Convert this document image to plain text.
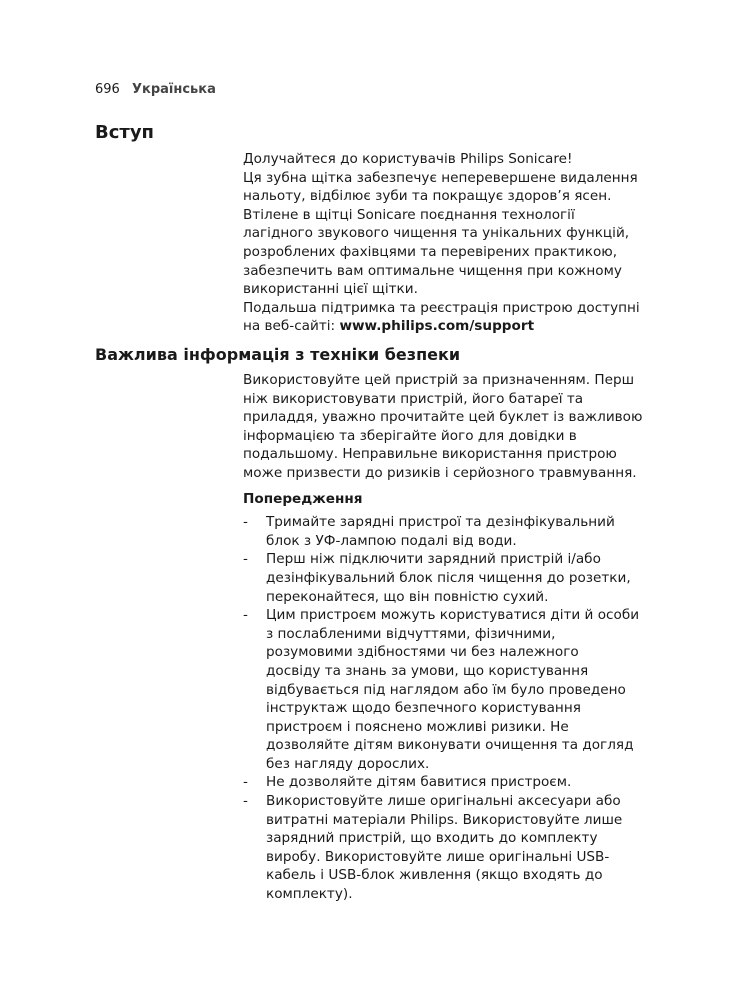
696 Українська
Вступ

Долучайтеся до користувачів Philips Sonicare!
Ця зубна щітка забезпечує неперевершене видалення
нальоту, відбілює зуби та покращує здоров’я ясен.
Втілене в щітці Sonicare поєднання технології
лагідного звукового чищення та унікальних функцій,
розроблених фахівцями та перевірених практикою,
забезпечить вам оптимальне чищення при кожному
використанні цієї щітки.

Подальша підтримка та реєстрація пристрою доступні
на веб-сайті: www.philips.com/support

Важлива інформація з техніки безпеки

Використовуйте цей пристрій за призначенням. Перш
ніж використовувати пристрій, його батареї та
приладдя, уважно прочитайте цей буклет із важливою
інформацією та зберігайте його для довідки в
подальшому. Неправильне використання пристрою
може призвести до ризиків і серйозного травмування.

Попередження
- Тримайте зарядні пристрої та дезінфікувальний
блок з УФ-лампою подалі від води.
- Перш ніж підключити зарядний пристрій і/або
дезінфікувальний блок після чищення до розетки,
переконайтеся, що він повністю сухий.
- Цим пристроєм можуть користуватися діти й особи
з послабленими відчуттями, фізичними,
розумовими здібностями чи без належного
досвіду та знань за умови, що користування
відбувається під наглядом або їм було проведено
інструктаж щодо безпечного користування
пристроєм і пояснено можливі ризики. Не
дозволяйте дітям виконувати очищення та догляд
без нагляду дорослих.
- Не дозволяйте дітям бавитися пристроєм.
- Використовуйте лише оригінальні аксесуари або
витратні матеріали Philips. Використовуйте лише
зарядний пристрій, що входить до комплекту
виробу. Використовуйте лише оригінальні USB-
кабель і USB-блок живлення (якщо входять до
комплекту).
